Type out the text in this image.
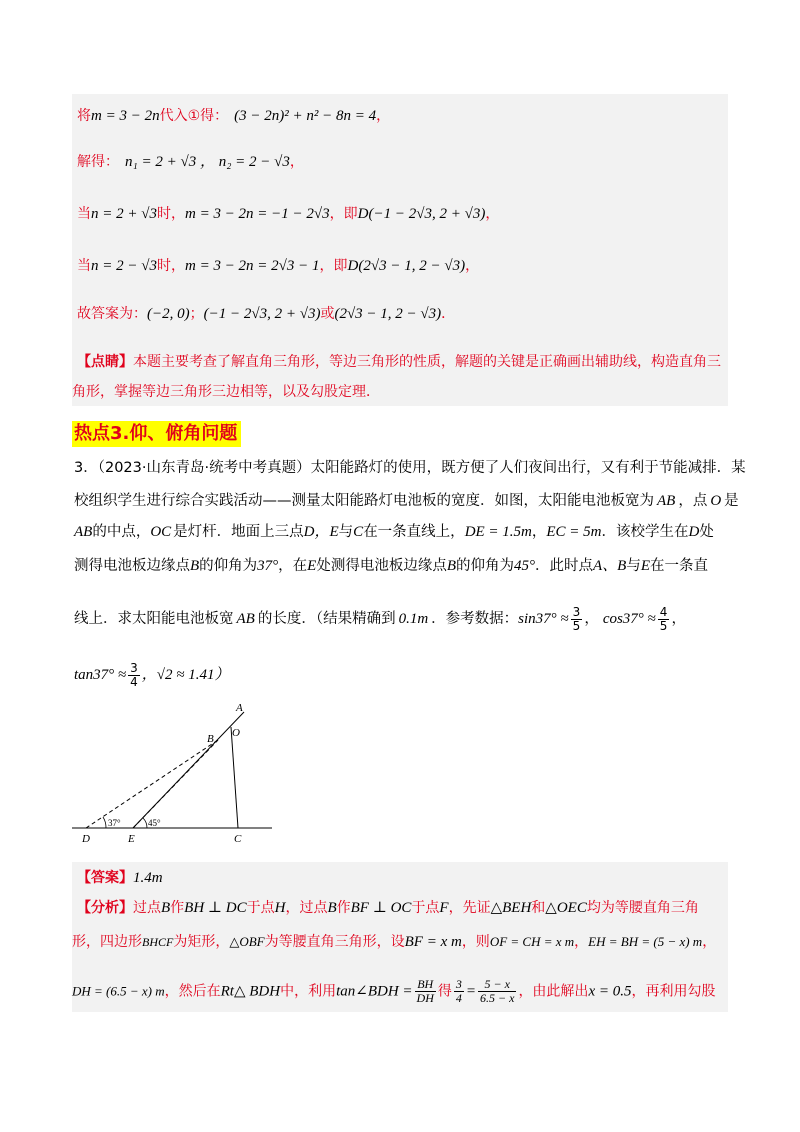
将m = 3 − 2n代入①得： (3 − 2n)² + n² − 8n = 4，
解得： n₁ = 2 + √3 ， n₂ = 2 − √3，
当n = 2 + √3时，m = 3 − 2n = −1 − 2√3，即D(−1 − 2√3, 2 + √3)，
当n = 2 − √3时，m = 3 − 2n = 2√3 − 1，即D(2√3 − 1, 2 − √3)，
故答案为：(−2, 0)；(−1 − 2√3, 2 + √3)或(2√3 − 1, 2 − √3)．
【点睛】本题主要考查了解直角三角形，等边三角形的性质，解题的关键是正确画出辅助线，构造直角三
角形，掌握等边三角形三边相等，以及勾股定理．
热点3.仰、俯角问题
3．（2023·山东青岛·统考中考真题）太阳能路灯的使用，既方便了人们夜间出行，又有利于节能减排．某
校组织学生进行综合实践活动——测量太阳能路灯电池板的宽度．如图，太阳能电池板宽为 AB ，点 O 是
AB的中点，OC 是灯杆．地面上三点D，E与C在一条直线上，DE = 1.5m，EC = 5m．该校学生在D处
测得电池板边缘点B的仰角为37°，在E处测得电池板边缘点B的仰角为45°．此时点A、B与E在一条直
线上．求太阳能电池板宽 AB 的长度．（结果精确到 0.1m ．参考数据：$\sin 37^\circ \approx \frac{3}{5}$ ， $\cos 37^\circ \approx \frac{4}{5}$ ，
$\tan 37^\circ \approx \frac{3}{4}$ ，√2 ≈ 1.41）
A
B O
C
D	E
37°	45°
【答案】1.4m
【分析】过点B作BH ⊥ DC于点H，过点B作BF ⊥ OC于点F，先证△BEH和△OEC均为等腰直角三角
形，四边形BHCF为矩形，△OBF为等腰直角三角形，设BF = x m，则OF = CH = x m，EH = BH = (5 − x) m，
DH = (6.5 − x) m，然后在Rt△ BDH中，利用tan∠BDH = $\frac{BH}{DH}$ 得 $\frac{3}{4} = \frac{5 - x}{6.5 - x}$ ，由此解出x = 0.5，再利用勾股
